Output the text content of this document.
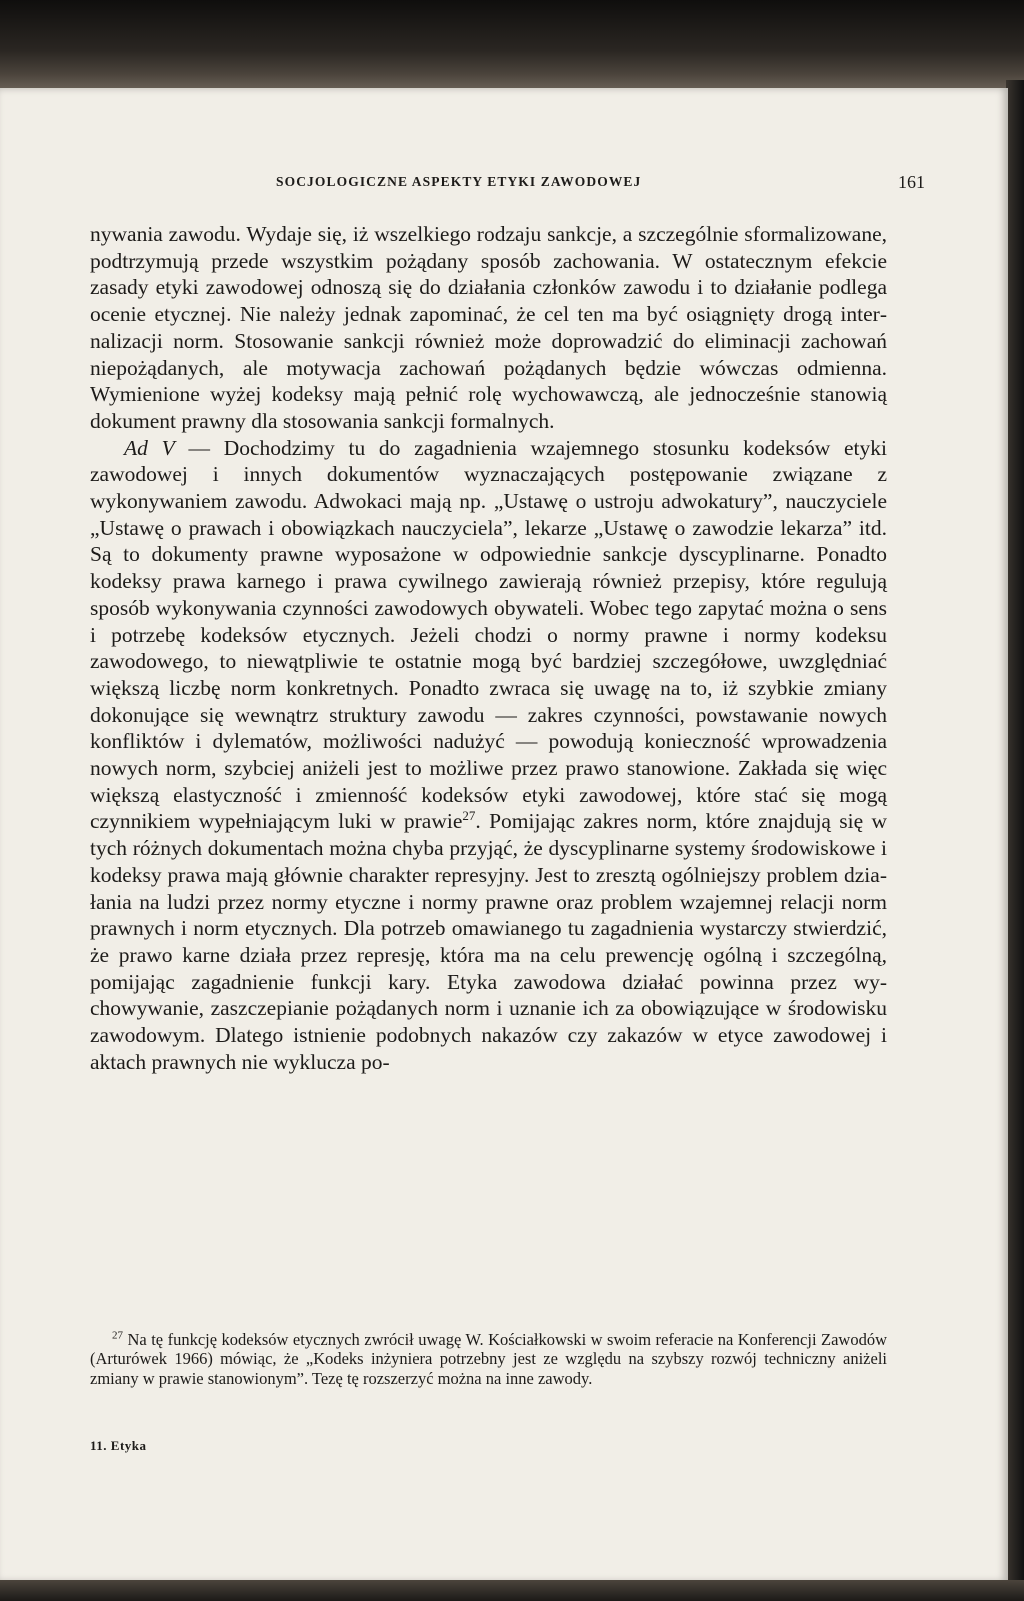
SOCJOLOGICZNE ASPEKTY ETYKI ZAWODOWEJ	161

nywania zawodu. Wydaje się, iż wszelkiego rodzaju sankcje, a szczególnie sformalizowane, podtrzymują przede wszystkim pożądany sposób zachowania. W ostatecznym efekcie zasady etyki zawodowej odnoszą się do działania członków zawodu i to działanie podlega ocenie etycznej. Nie należy jednak zapominać, że cel ten ma być osiągnięty drogą internalizacji norm. Stosowanie sankcji również może doprowadzić do eliminacji zachowań niepożądanych, ale motywacja zachowań pożądanych będzie wówczas odmienna. Wymienione wyżej kodeksy mają pełnić rolę wychowawczą, ale jednocześnie stanowią dokument prawny dla stosowania sankcji formalnych.

Ad V — Dochodzimy tu do zagadnienia wzajemnego stosunku kodeksów etyki zawodowej i innych dokumentów wyznaczających postępowanie związane z wykonywaniem zawodu. Adwokaci mają np. „Ustawę o ustroju adwokatury”, nauczyciele „Ustawę o prawach i obowiązkach nauczyciela”, lekarze „Ustawę o zawodzie lekarza” itd. Są to dokumenty prawne wyposażone w odpowiednie sankcje dyscyplinarne. Ponadto kodeksy prawa karnego i prawa cywilnego zawierają również przepisy, które regulują sposób wykonywania czynności zawodowych obywateli. Wobec tego zapytać można o sens i potrzebę kodeksów etycznych. Jeżeli chodzi o normy prawne i normy kodeksu zawodowego, to niewątpliwie te ostatnie mogą być bardziej szczegółowe, uwzględniać większą liczbę norm konkretnych. Ponadto zwraca się uwagę na to, iż szybkie zmiany dokonujące się wewnątrz struktury zawodu — zakres czynności, powstawanie nowych konfliktów i dylematów, możliwości nadużyć — powodują konieczność wprowadzenia nowych norm, szybciej aniżeli jest to możliwe przez prawo stanowione. Zakłada się więc większą elastyczność i zmienność kodeksów etyki zawodowej, które stać się mogą czynnikiem wypełniającym luki w prawie$^{27}$. Pomijając zakres norm, które znajdują się w tych różnych dokumentach można chyba przyjąć, że dyscyplinarne systemy środowiskowe i kodeksy prawa mają głównie charakter represyjny. Jest to zresztą ogólniejszy problem działania na ludzi przez normy etyczne i normy prawne oraz problem wzajemnej relacji norm prawnych i norm etycznych. Dla potrzeb omawianego tu zagadnienia wystarczy stwierdzić, że prawo karne działa przez represję, która ma na celu prewencję ogólną i szczególną, pomijając zagadnienie funkcji kary. Etyka zawodowa działać powinna przez wychowywanie, zaszczepianie pożądanych norm i uznanie ich za obowiązujące w środowisku zawodowym. Dlatego istnienie podobnych nakazów czy zakazów w etyce zawodowej i aktach prawnych nie wyklucza po-

$^{27}$ Na tę funkcję kodeksów etycznych zwrócił uwagę W. Kościałkowski w swoim referacie na Konferencji Zawodów (Arturówek 1966) mówiąc, że „Kodeks inżyniera potrzebny jest ze względu na szybszy rozwój techniczny aniżeli zmiany w prawie stanowionym”. Tezę tę rozszerzyć można na inne zawody.
11. Etyka
